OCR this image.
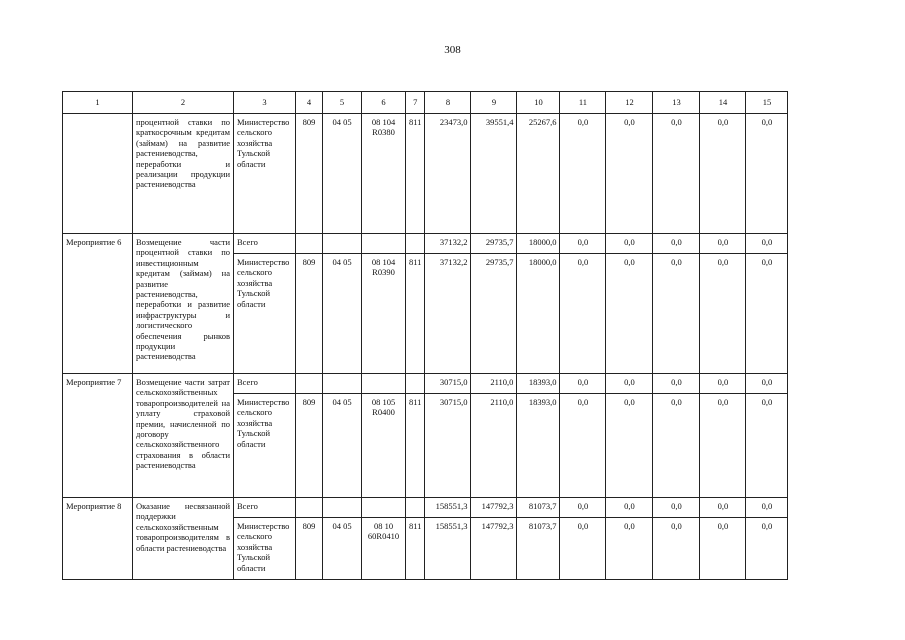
308
1	2	3	4	5	6	7	8	9	10	11	12	13	14	15
	процентной ставки по краткосрочным кредитам (займам) на развитие растениеводства, переработки и реализации продукции растениеводства	Министерство сельского хозяйства Тульской области	809	04 05	08 104 R0380	811	23473,0	39551,4	25267,6	0,0	0,0	0,0	0,0	0,0
Мероприятие 6	Возмещение части процентной ставки по инвестиционным кредитам (займам) на развитие растениеводства, переработки и развитие инфраструктуры и логистического обеспечения рынков продукции растениеводства	Всего					37132,2	29735,7	18000,0	0,0	0,0	0,0	0,0	0,0
		Министерство сельского хозяйства Тульской области	809	04 05	08 104 R0390	811	37132,2	29735,7	18000,0	0,0	0,0	0,0	0,0	0,0
Мероприятие 7	Возмещение части затрат сельскохозяйственных товаропроизводителей на уплату страховой премии, начисленной по договору сельскохозяйственного страхования в области растениеводства	Всего					30715,0	2110,0	18393,0	0,0	0,0	0,0	0,0	0,0
		Министерство сельского хозяйства Тульской области	809	04 05	08 105 R0400	811	30715,0	2110,0	18393,0	0,0	0,0	0,0	0,0	0,0
Мероприятие 8	Оказание несвязанной поддержки сельскохозяйственным товаропроизводителям в области растениеводства	Всего					158551,3	147792,3	81073,7	0,0	0,0	0,0	0,0	0,0
		Министерство сельского хозяйства Тульской области	809	04 05	08 10 60R0410	811	158551,3	147792,3	81073,7	0,0	0,0	0,0	0,0	0,0
